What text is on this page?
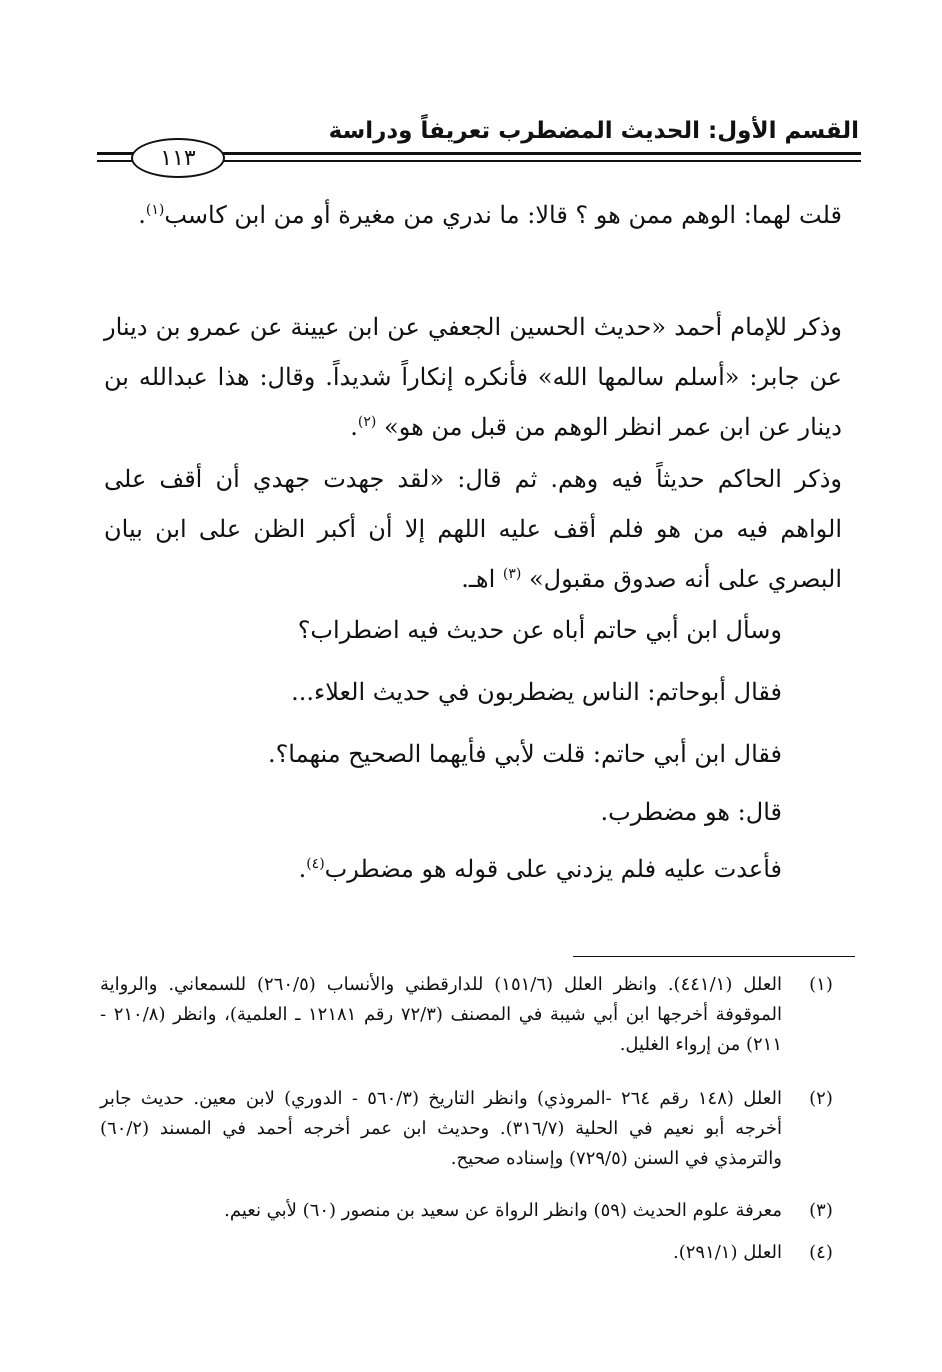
القسم الأول: الحديث المضطرب تعريفاً ودراسة
١١٣
قلت لهما: الوهم ممن هو ؟ قالا: ما ندري من مغيرة أو من ابن كاسب$^{(١)}$.
وذكر للإمام أحمد «حديث الحسين الجعفي عن ابن عيينة عن عمرو بن دينار عن جابر: «أسلم سالمها الله» فأنكره إنكاراً شديداً. وقال: هذا عبدالله بن دينار عن ابن عمر انظر الوهم من قبل من هو» $^{(٢)}$.
وذكر الحاكم حديثاً فيه وهم. ثم قال: «لقد جهدت جهدي أن أقف على الواهم فيه من هو فلم أقف عليه اللهم إلا أن أكبر الظن على ابن بيان البصري على أنه صدوق مقبول» $^{(٣)}$ اهـ.
وسأل ابن أبي حاتم أباه عن حديث فيه اضطراب؟
فقال أبوحاتم: الناس يضطربون في حديث العلاء...
فقال ابن أبي حاتم: قلت لأبي فأيهما الصحيح منهما؟.
قال: هو مضطرب.
فأعدت عليه فلم يزدني على قوله هو مضطرب$^{(٤)}$.
(١)
العلل (٤٤١/١). وانظر العلل (١٥١/٦) للدارقطني والأنساب (٢٦٠/٥) للسمعاني. والرواية الموقوفة أخرجها ابن أبي شيبة في المصنف (٧٢/٣ رقم ١٢١٨١ ـ العلمية)، وانظر (٢١٠/٨ - ٢١١) من إرواء الغليل.
(٢)
العلل (١٤٨ رقم ٢٦٤ -المروذي) وانظر التاريخ (٥٦٠/٣ - الدوري) لابن معين. حديث جابر أخرجه أبو نعيم في الحلية (٣١٦/٧). وحديث ابن عمر أخرجه أحمد في المسند (٦٠/٢) والترمذي في السنن (٧٢٩/٥) وإسناده صحيح.
(٣)
معرفة علوم الحديث (٥٩) وانظر الرواة عن سعيد بن منصور (٦٠) لأبي نعيم.
(٤)
العلل (٢٩١/١).
